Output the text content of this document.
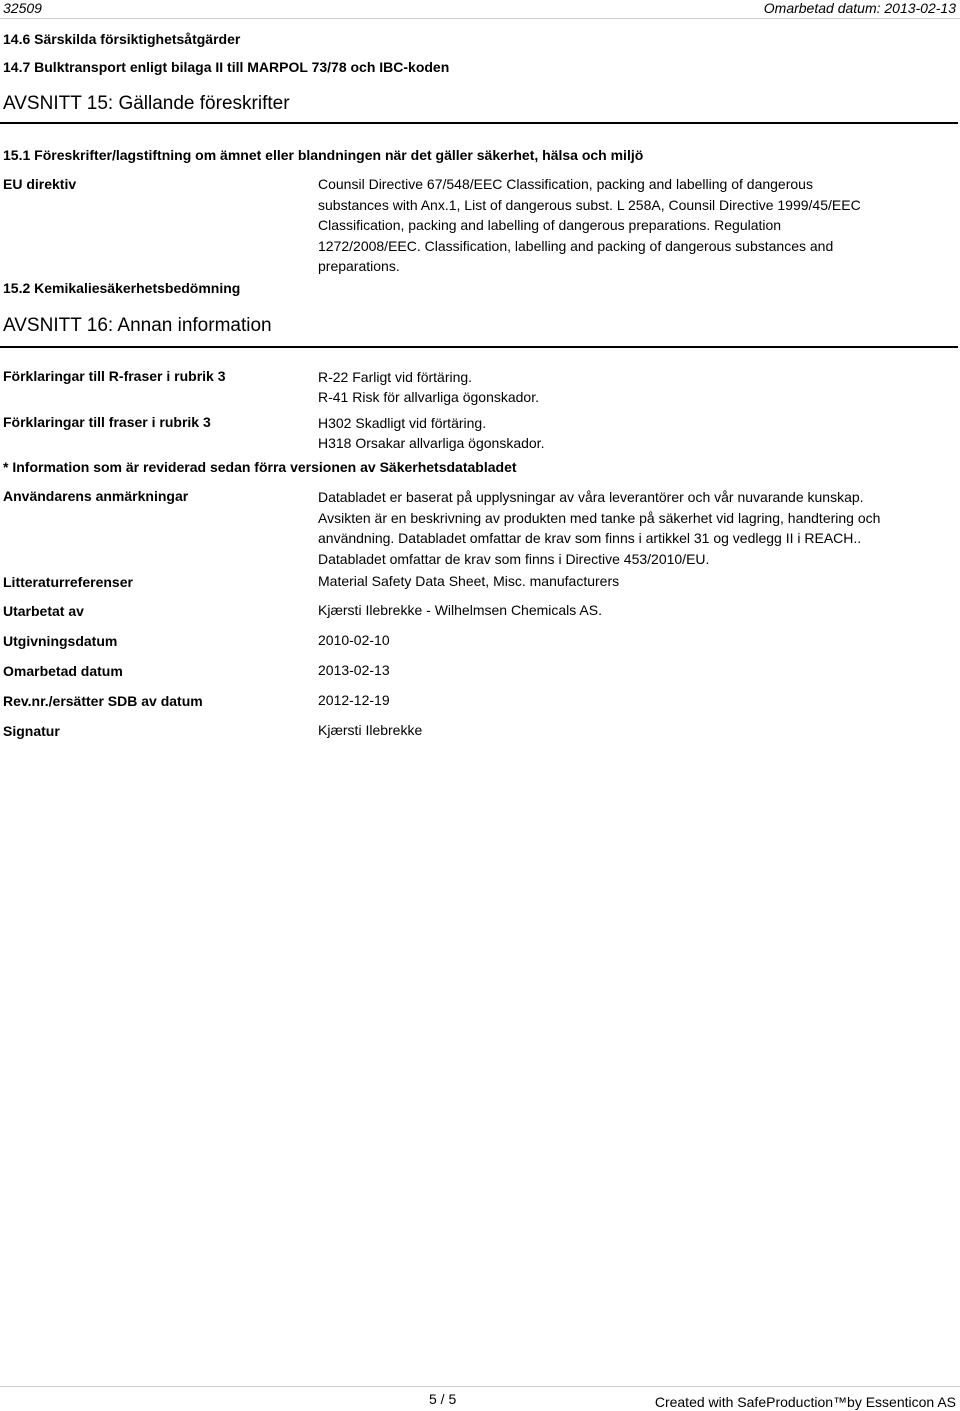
32509	Omarbetad datum: 2013-02-13
14.6 Särskilda försiktighetsåtgärder
14.7 Bulktransport enligt bilaga II till MARPOL 73/78 och IBC-koden
AVSNITT 15: Gällande föreskrifter
15.1 Föreskrifter/lagstiftning om ämnet eller blandningen när det gäller säkerhet, hälsa och miljö
EU direktiv	Counsil Directive 67/548/EEC Classification, packing and labelling of dangerous substances with Anx.1, List of dangerous subst. L 258A, Counsil Directive 1999/45/EEC Classification, packing and labelling of dangerous preparations. Regulation 1272/2008/EEC. Classification, labelling and packing of dangerous substances and preparations.
15.2 Kemikaliesäkerhetsbedömning
AVSNITT 16: Annan information
Förklaringar till R-fraser i rubrik 3	R-22 Farligt vid förtäring.
R-41 Risk för allvarliga ögonskador.
Förklaringar till fraser i rubrik 3	H302 Skadligt vid förtäring.
H318 Orsakar allvarliga ögonskador.
* Information som är reviderad sedan förra versionen av Säkerhetsdatabladet
Användarens anmärkningar	Databladet er baserat på upplysningar av våra leverantörer och vår nuvarande kunskap. Avsikten är en beskrivning av produkten med tanke på säkerhet vid lagring, handtering och användning. Databladet omfattar de krav som finns i artikkel 31 og vedlegg II i REACH.. Databladet omfattar de krav som finns i Directive 453/2010/EU.
Litteraturreferenser	Material Safety Data Sheet, Misc. manufacturers
Utarbetat av	Kjærsti Ilebrekke - Wilhelmsen Chemicals AS.
Utgivningsdatum	2010-02-10
Omarbetad datum	2013-02-13
Rev.nr./ersätter SDB av datum	2012-12-19
Signatur	Kjærsti Ilebrekke
5 / 5	Created with SafeProduction™by Essenticon AS
